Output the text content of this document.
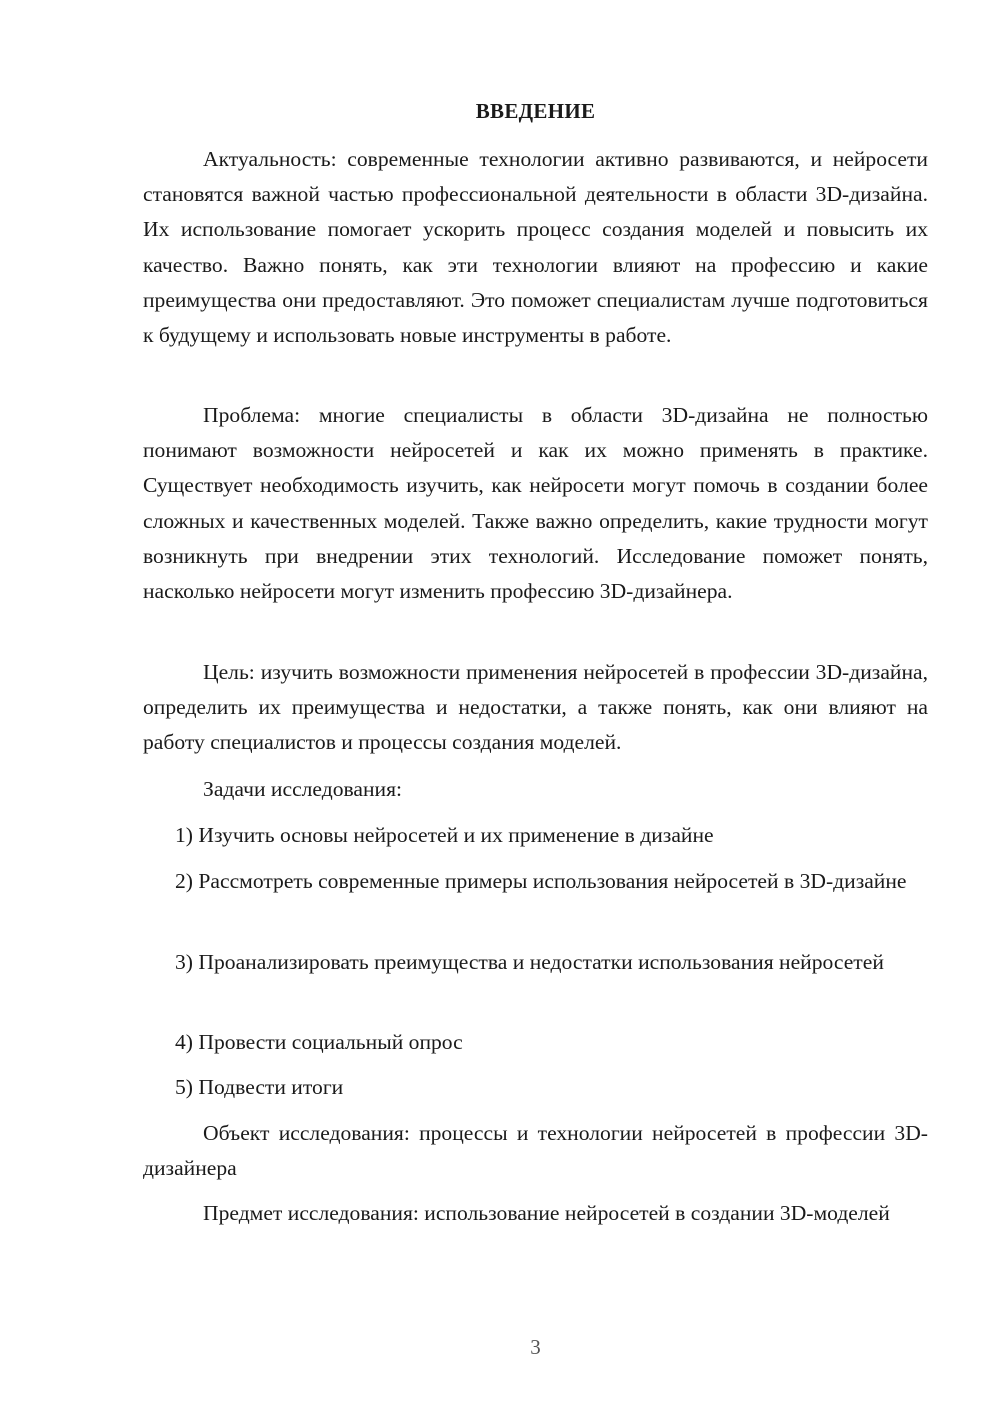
ВВЕДЕНИЕ

Актуальность: современные технологии активно развиваются, и нейросети становятся важной частью профессиональной деятельности в области 3D-дизайна. Их использование помогает ускорить процесс создания моделей и повысить их качество. Важно понять, как эти технологии влияют на профессию и какие преимущества они предоставляют. Это поможет специалистам лучше подготовиться к будущему и использовать новые инструменты в работе.

Проблема: многие специалисты в области 3D-дизайна не полностью понимают возможности нейросетей и как их можно применять в практике. Существует необходимость изучить, как нейросети могут помочь в создании более сложных и качественных моделей. Также важно определить, какие трудности могут возникнуть при внедрении этих технологий. Исследование поможет понять, насколько нейросети могут изменить профессию 3D-дизайнера.

Цель: изучить возможности применения нейросетей в профессии 3D-дизайна, определить их преимущества и недостатки, а также понять, как они влияют на работу специалистов и процессы создания моделей.

Задачи исследования:

1) Изучить основы нейросетей и их применение в дизайне

2) Рассмотреть современные примеры использования нейросетей в 3D-дизайне

3) Проанализировать преимущества и недостатки использования нейросетей

4) Провести социальный опрос

5) Подвести итоги

Объект исследования: процессы и технологии нейросетей в профессии 3D-дизайнера

Предмет исследования: использование нейросетей в создании 3D-моделей

3
